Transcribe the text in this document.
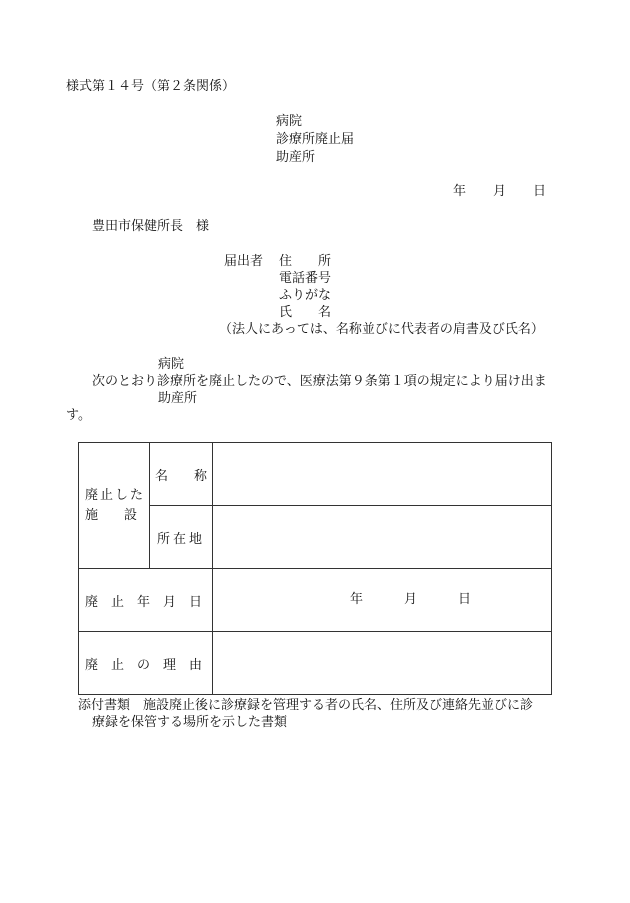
様式第１４号（第２条関係）
病院
診療所廃止届
助産所
年 月 日
豊田市保健所長　様
届出者 住　　所
電話番号
ふりがな
氏　　名
（法人にあっては、名称並びに代表者の肩書及び氏名）
病院
次のとおり診療所を廃止したので、医療法第９条第１項の規定により届け出ま
助産所
す。
廃止した
施　　設	名　　称	

	所在地	

廃　止　年　月　日		年 月 日

廃　止　の　理　由		

添付書類　施設廃止後に診療録を管理する者の氏名、住所及び連絡先並びに診
療録を保管する場所を示した書類
